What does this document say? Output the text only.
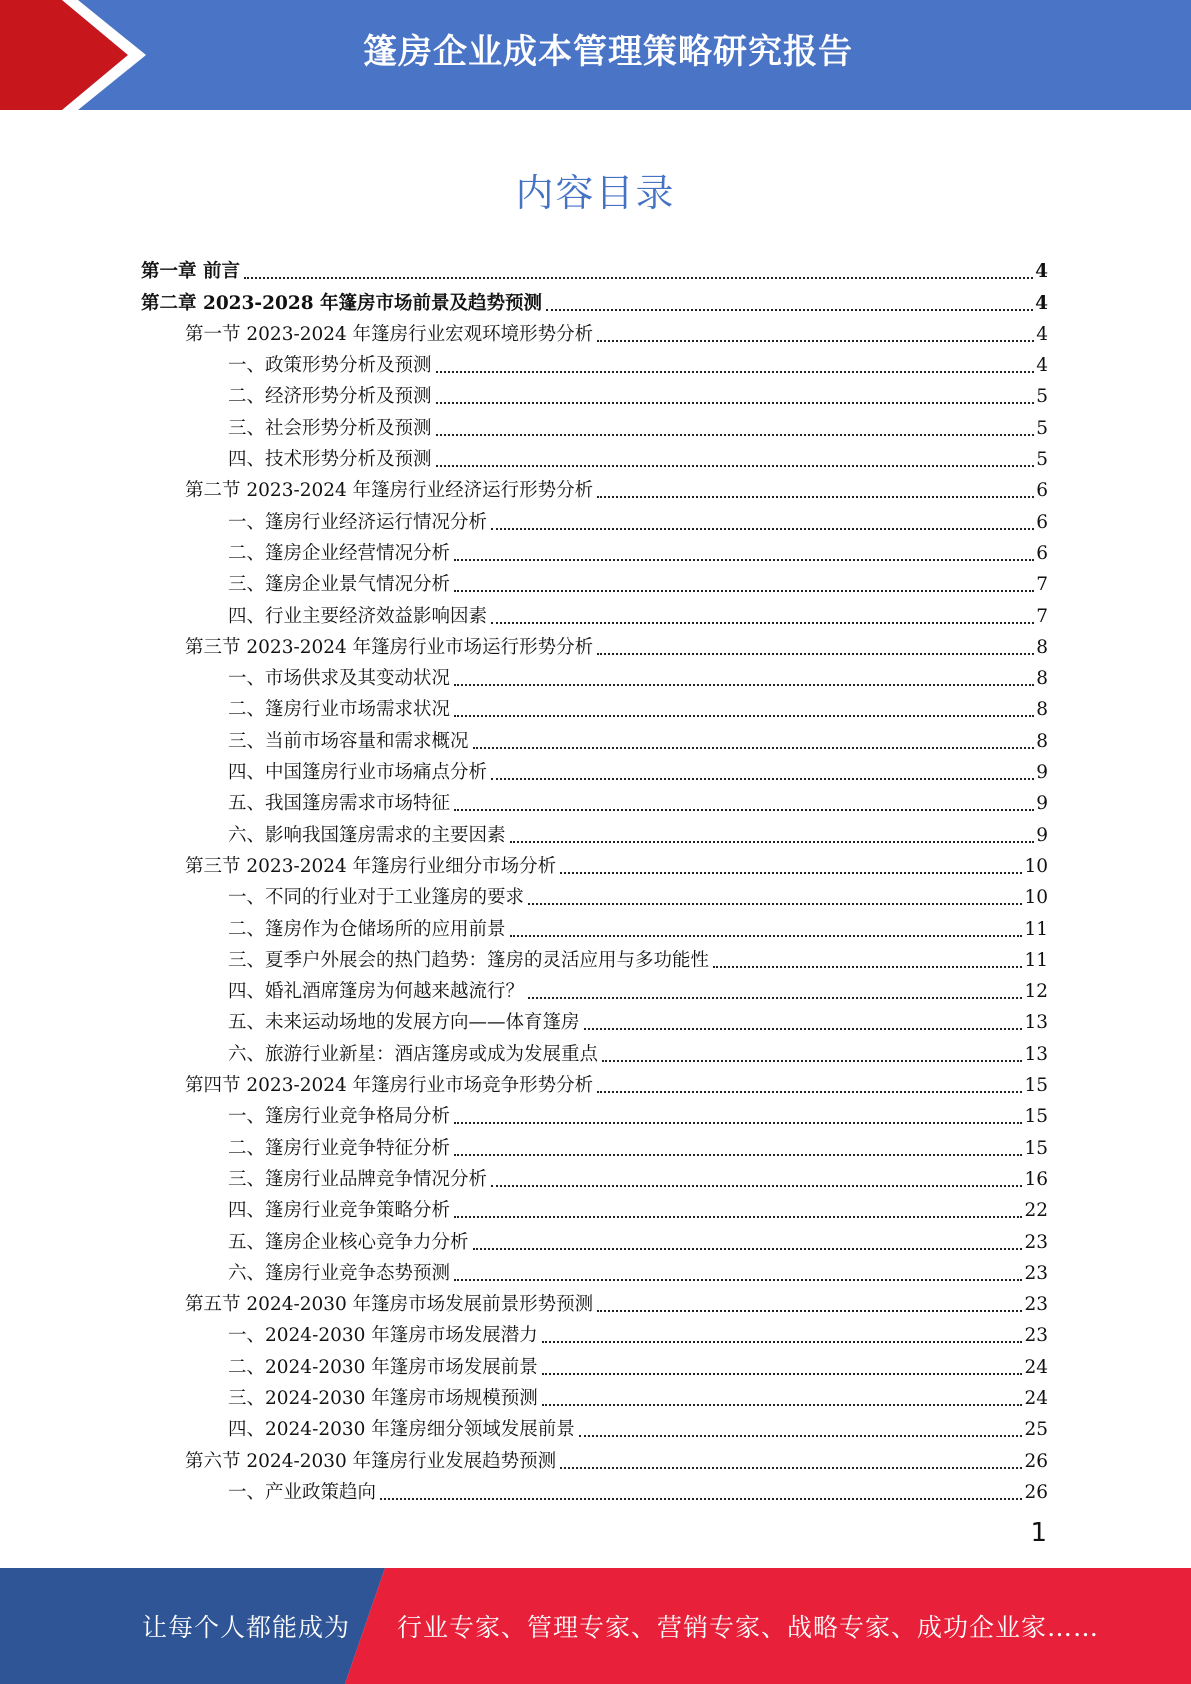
篷房企业成本管理策略研究报告
内容目录
第一章 前言	4
第二章 2023-2028 年篷房市场前景及趋势预测	4
第一节 2023-2024 年篷房行业宏观环境形势分析	4
一、政策形势分析及预测	4
二、经济形势分析及预测	5
三、社会形势分析及预测	5
四、技术形势分析及预测	5
第二节 2023-2024 年篷房行业经济运行形势分析	6
一、篷房行业经济运行情况分析	6
二、篷房企业经营情况分析	6
三、篷房企业景气情况分析	7
四、行业主要经济效益影响因素	7
第三节 2023-2024 年篷房行业市场运行形势分析	8
一、市场供求及其变动状况	8
二、篷房行业市场需求状况	8
三、当前市场容量和需求概况	8
四、中国篷房行业市场痛点分析	9
五、我国篷房需求市场特征	9
六、影响我国篷房需求的主要因素	9
第三节 2023-2024 年篷房行业细分市场分析	10
一、不同的行业对于工业篷房的要求	10
二、篷房作为仓储场所的应用前景	11
三、夏季户外展会的热门趋势：篷房的灵活应用与多功能性	11
四、婚礼酒席篷房为何越来越流行？	12
五、未来运动场地的发展方向——体育篷房	13
六、旅游行业新星：酒店篷房或成为发展重点	13
第四节 2023-2024 年篷房行业市场竞争形势分析	15
一、篷房行业竞争格局分析	15
二、篷房行业竞争特征分析	15
三、篷房行业品牌竞争情况分析	16
四、篷房行业竞争策略分析	22
五、篷房企业核心竞争力分析	23
六、篷房行业竞争态势预测	23
第五节 2024-2030 年篷房市场发展前景形势预测	23
一、2024-2030 年篷房市场发展潜力	23
二、2024-2030 年篷房市场发展前景	24
三、2024-2030 年篷房市场规模预测	24
四、2024-2030 年篷房细分领域发展前景	25
第六节 2024-2030 年篷房行业发展趋势预测	26
一、产业政策趋向	26
1
让每个人都能成为 行业专家、管理专家、营销专家、战略专家、成功企业家……
